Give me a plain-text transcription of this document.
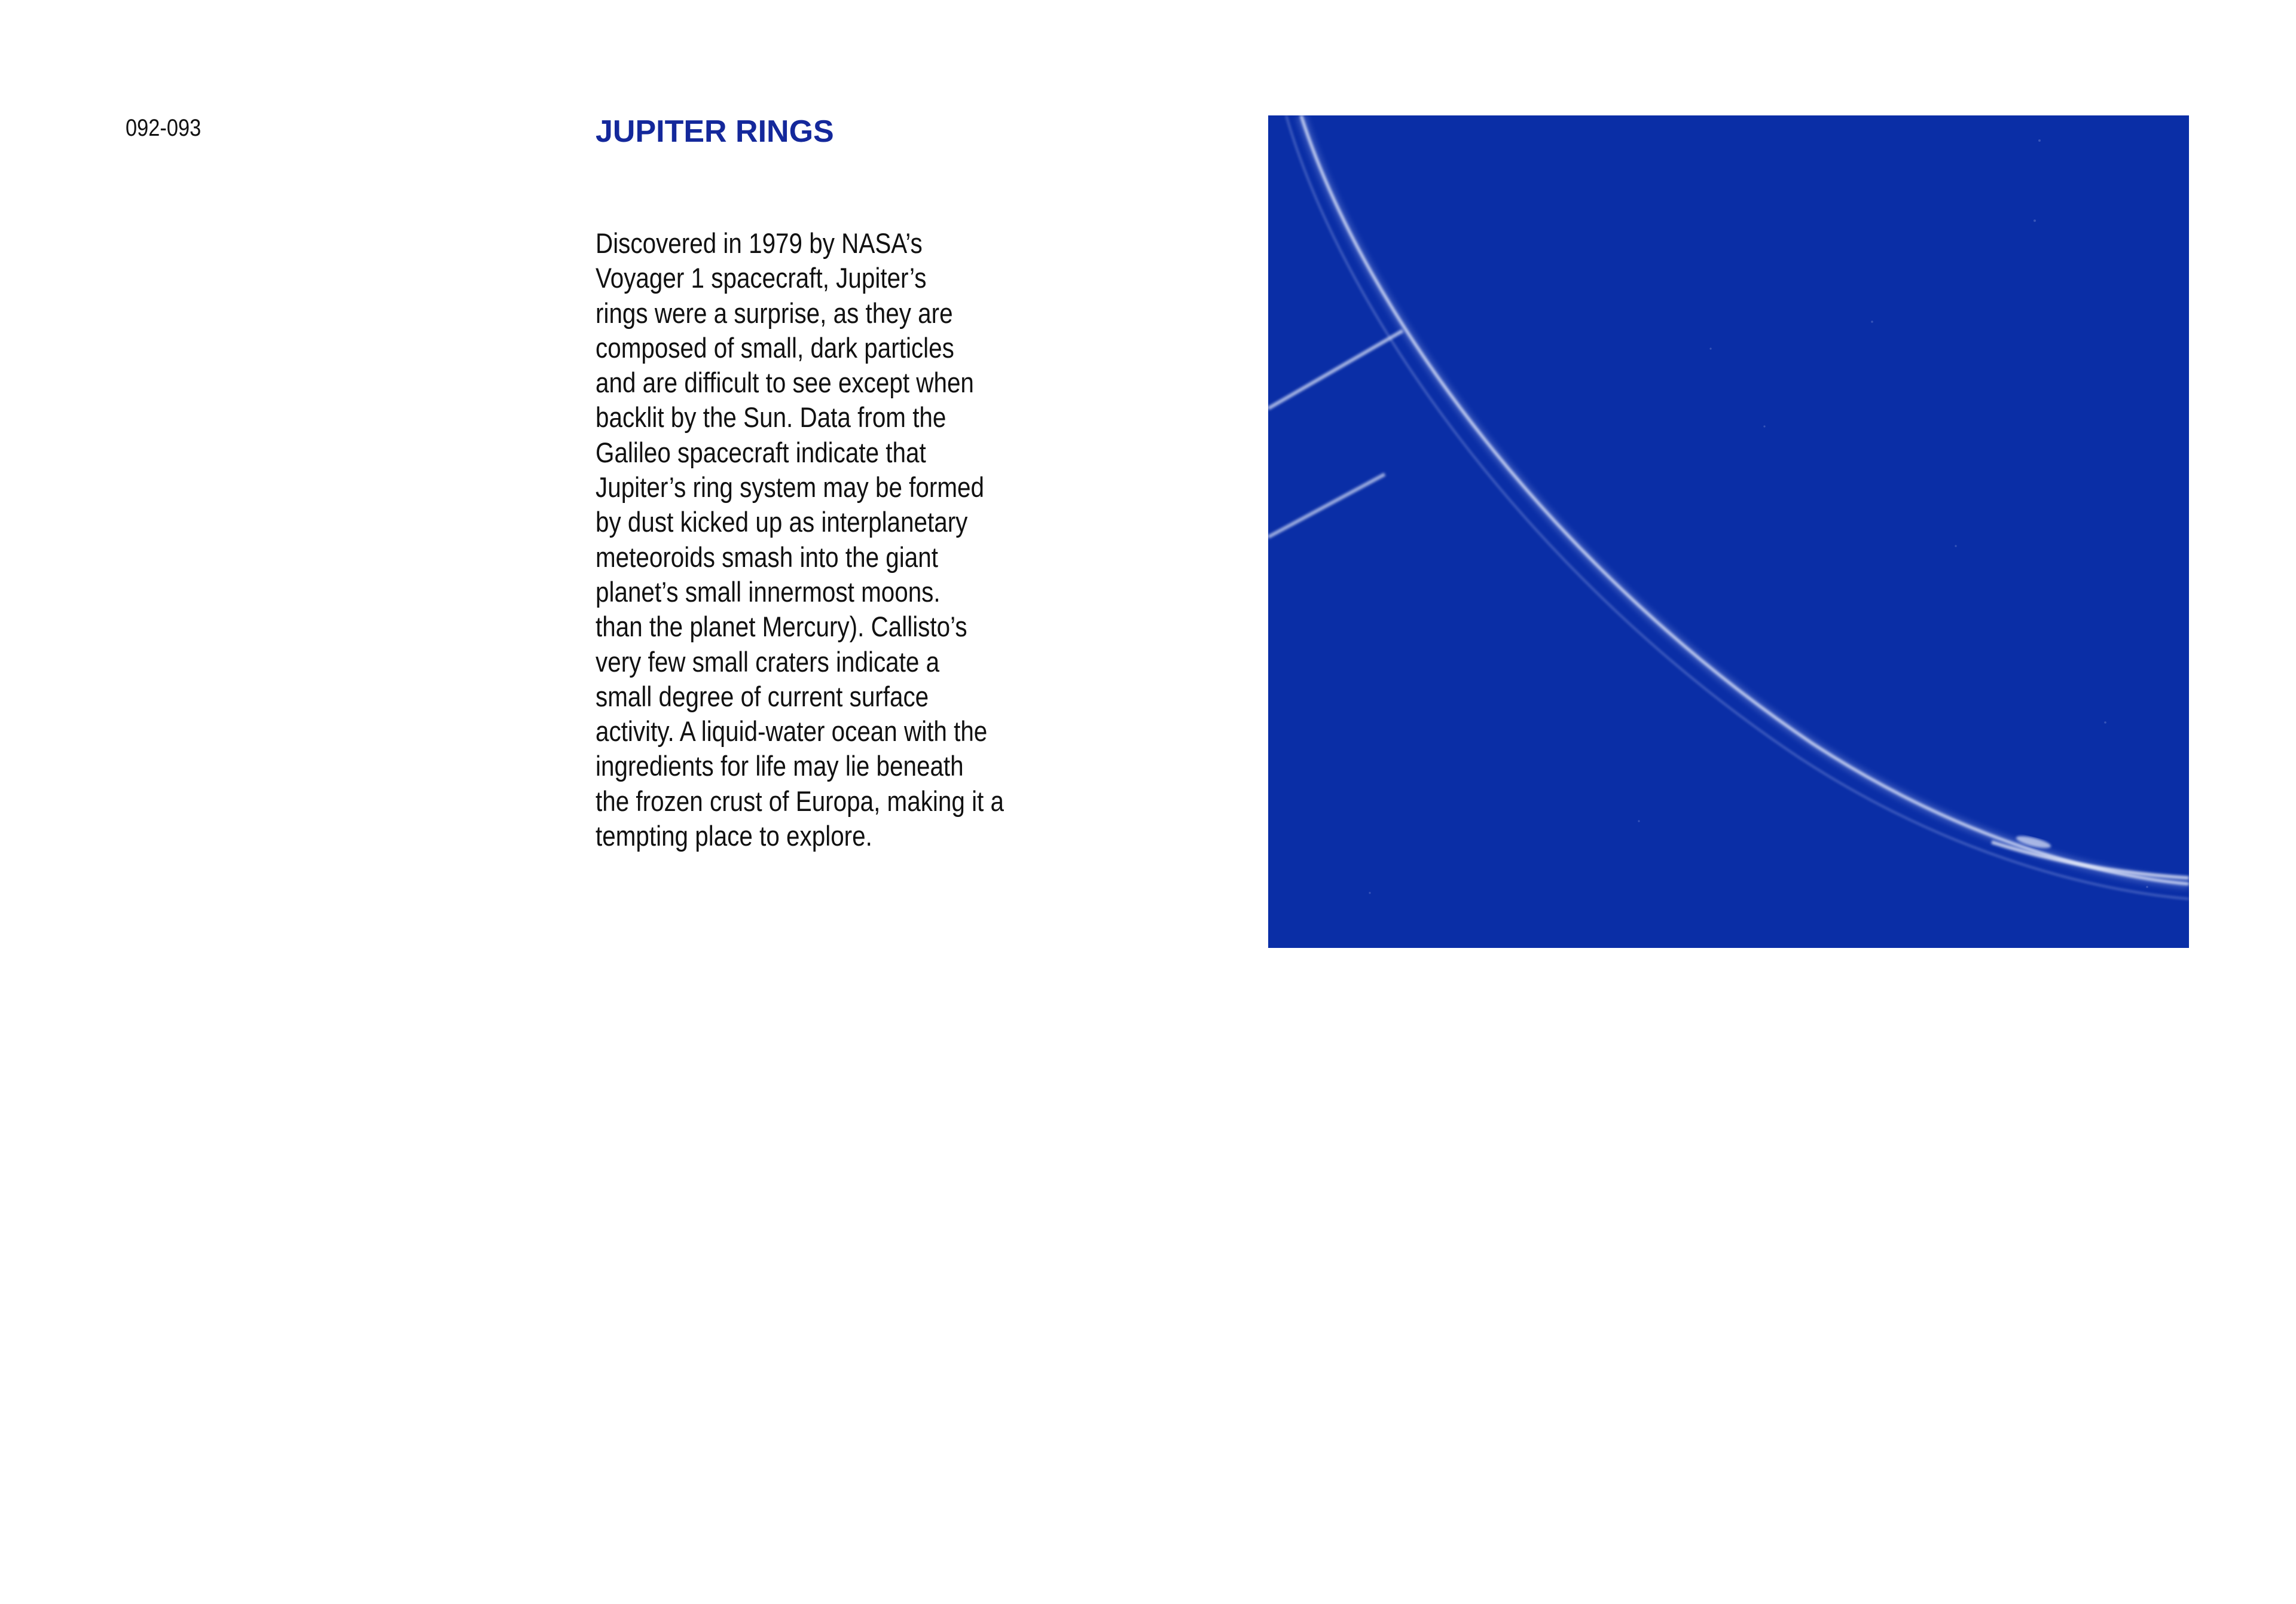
092-093	JUPITER RINGS
Discovered in 1979 by NASA’s
Voyager 1 spacecraft, Jupiter’s
rings were a surprise, as they are
composed of small, dark particles
and are difficult to see except when
backlit by the Sun. Data from the
Galileo spacecraft indicate that
Jupiter’s ring system may be formed
by dust kicked up as interplanetary
meteoroids smash into the giant
planet’s small innermost moons.
than the planet Mercury). Callisto’s
very few small craters indicate a
small degree of current surface
activity. A liquid-water ocean with the
ingredients for life may lie beneath
the frozen crust of Europa, making it a
tempting place to explore.
